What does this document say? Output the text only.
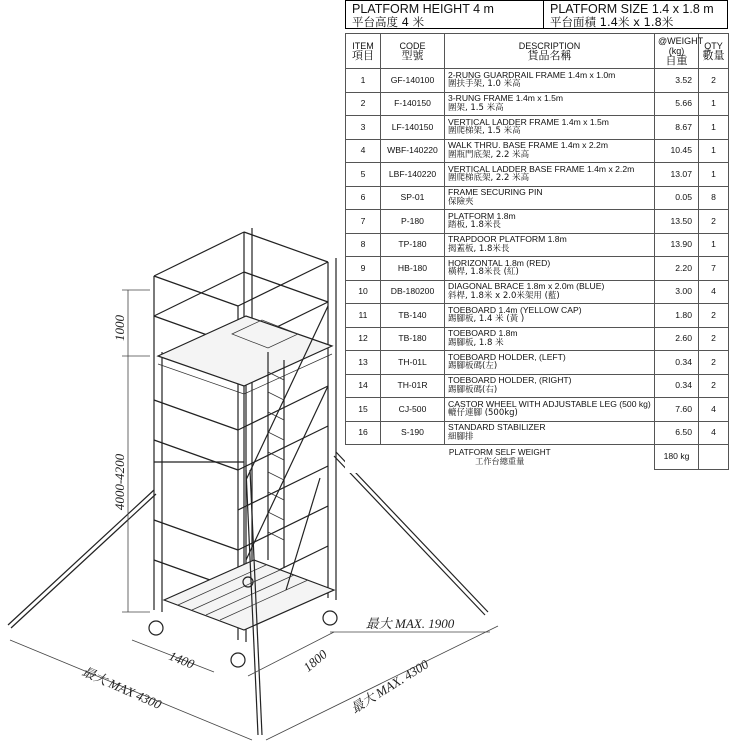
1000
4000-4200
1400	1800
最大 MAX. 1900
最大 MAX 4300	最大 MAX. 4300
PLATFORM HEIGHT 4 m
平台高度 4 米
PLATFORM SIZE 1.4 x 1.8 m
平台面積 1.4米 x 1.8米
ITEM
項目	CODE
型號	DESCRIPTION
貨品名稱	@WEIGHT
(kg)
自重	QTY
數量
1	GF-140100	2-RUNG GUARDRAIL FRAME 1.4m x 1.0m
圍扶手架, 1.0 米高	3.52	2
2	F-140150	3-RUNG FRAME 1.4m x 1.5m
圍架, 1.5 米高	5.66	1
3	LF-140150	VERTICAL LADDER FRAME 1.4m x 1.5m
圍爬梯架, 1.5 米高	8.67	1
4	WBF-140220	WALK THRU. BASE FRAME 1.4m x 2.2m
圍瓶門底架, 2.2 米高	10.45	1
5	LBF-140220	VERTICAL LADDER BASE FRAME 1.4m x 2.2m
圍爬梯底架, 2.2 米高	13.07	1
6	SP-01	FRAME SECURING PIN
保險夾	0.05	8
7	P-180	PLATFORM 1.8m
踏板, 1.8米長	13.50	2
8	TP-180	TRAPDOOR PLATFORM 1.8m
揭蓋板, 1.8米長	13.90	1
9	HB-180	HORIZONTAL 1.8m (RED)
橫桿, 1.8米長 (紅)	2.20	7
10	DB-180200	DIAGONAL BRACE 1.8m x 2.0m (BLUE)
斜桿, 1.8米 x 2.0米架用 (藍)	3.00	4
11	TB-140	TOEBOARD 1.4m (YELLOW CAP)
踢腳板, 1.4 米 (黃 )	1.80	2
12	TB-180	TOEBOARD 1.8m
踢腳板, 1.8 米	2.60	2
13	TH-01L	TOEBOARD HOLDER, (LEFT)
踢腳板碼(左)	0.34	2
14	TH-01R	TOEBOARD HOLDER, (RIGHT)
踢腳板碼(右)	0.34	2
15	CJ-500	CASTOR WHEEL WITH ADJUSTABLE LEG (500 kg)
轆仔連腳 (500kg)	7.60	4
16	S-190	STANDARD STABILIZER
細腳排	6.50	4

PLATFORM SELF WEIGHT
工作台總重量			180 kg	
